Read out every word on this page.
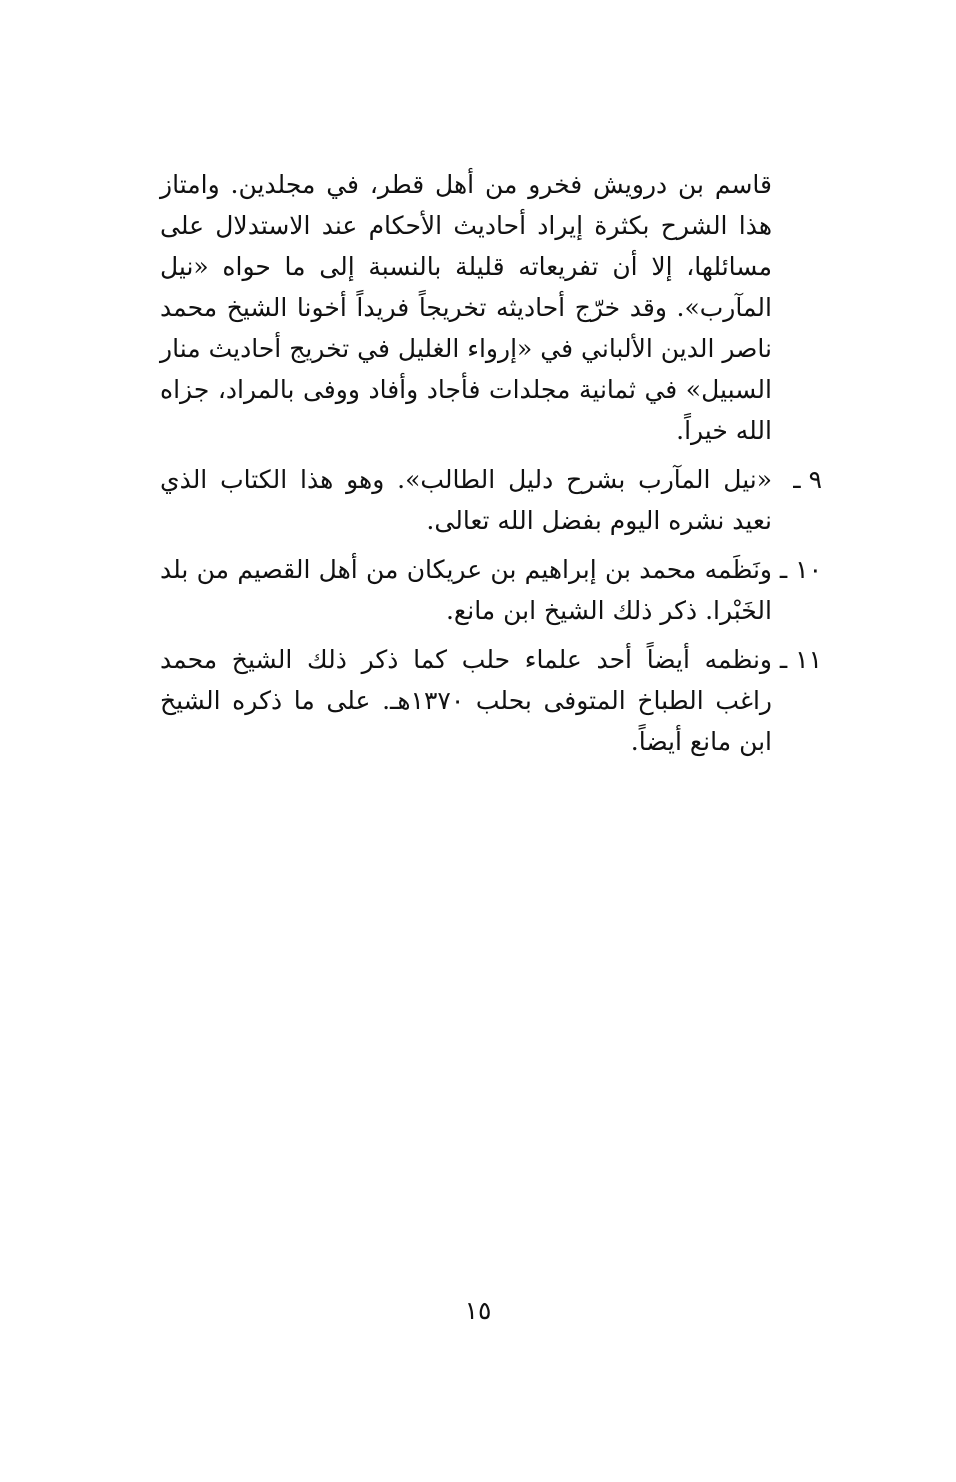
قاسم بن درويش فخرو من أهل قطر، في مجلدين. وامتاز هذا الشرح بكثرة إيراد أحاديث الأحكام عند الاستدلال على مسائلها، إلا أن تفريعاته قليلة بالنسبة إلى ما حواه «نيل المآرب». وقد خرّج أحاديثه تخريجاً فريداً أخونا الشيخ محمد ناصر الدين الألباني في «إرواء الغليل في تخريج أحاديث منار السبيل» في ثمانية مجلدات فأجاد وأفاد ووفى بالمراد، جزاه الله خيراً.

٩ ـ
«نيل المآرب بشرح دليل الطالب». وهو هذا الكتاب الذي نعيد نشره اليوم بفضل الله تعالى.
١٠ ـ
ونَظَمه محمد بن إبراهيم بن عريكان من أهل القصيم من بلد الخَبْرا. ذكر ذلك الشيخ ابن مانع.
١١ ـ
ونظمه أيضاً أحد علماء حلب كما ذكر ذلك الشيخ محمد راغب الطباخ المتوفى بحلب ١٣٧٠هـ. على ما ذكره الشيخ ابن مانع أيضاً.
١٥
